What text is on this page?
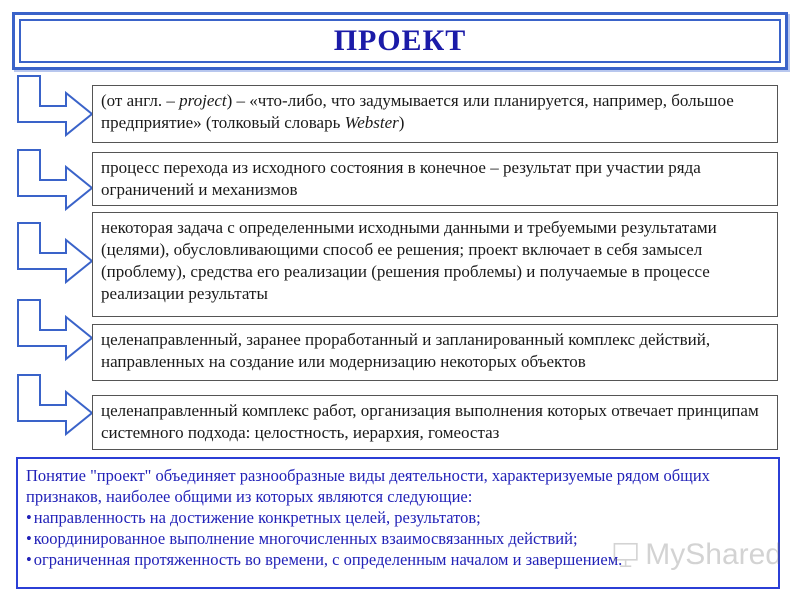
ПРОЕКТ
(от англ. – project) – «что-либо, что задумывается или планируется, например, большое предприятие» (толковый словарь Webster)
процесс перехода из исходного состояния в конечное – результат при участии ряда ограничений и механизмов
некоторая задача с определенными исходными данными и требуемыми результатами (целями), обусловливающими способ ее решения; проект включает в себя замысел (проблему), средства его реализации (решения проблемы) и получаемые в процессе реализации результаты
целенаправленный, заранее проработанный и запланированный комплекс действий, направленных на создание или модернизацию некоторых объектов
целенаправленный комплекс работ, организация выполнения которых отвечает принципам системного подхода: целостность, иерархия, гомеостаз

Понятие "проект" объединяет разнообразные виды деятельности, характеризуемые рядом общих признаков, наиболее общими из которых являются следующие:

• направленность на достижение конкретных целей, результатов;
• координированное выполнение многочисленных взаимосвязанных действий;
• ограниченная протяженность во времени, с определенным началом и завершением. MyShared
